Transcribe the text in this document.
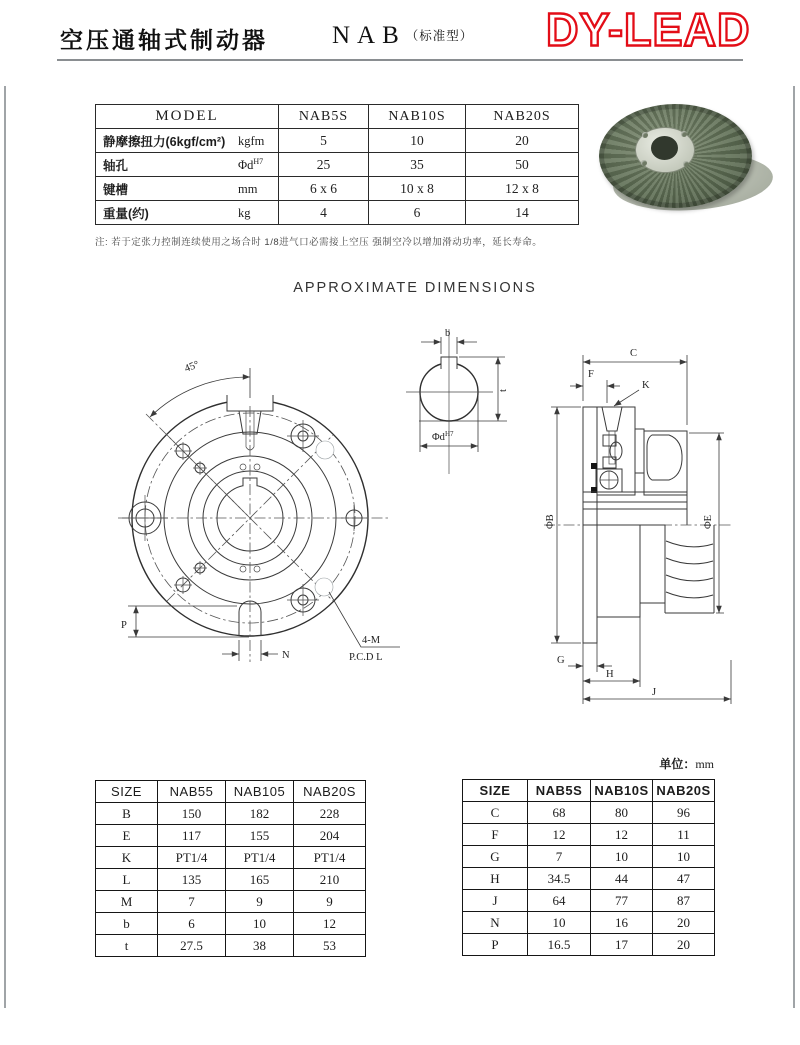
空压通轴式制动器	NAB（标准型） DY-LEAD
MODEL	NAB5S	NAB10S	NAB20S

静摩擦扭力(6kgf/cm²) kgfm	5	10	20

轴孔 $\Phi d^{H7}$	25	35	50

键槽 mm	6 x 6	10 x 8	12 x 8

重量(约) kg	4	6	14
注: 若于定张力控制连续使用之场合时 1/8进气口必需接上空压 强制空冷以增加滑动功率，延长寿命。
APPROXIMATE DIMENSIONS
45°
P
N
4-M
P.C.D L
b
t
$\Phi d^{H7}$
C
F
K
ΦB	ΦE
G
H
J
单位：mm
SIZE	NAB55	NAB105	NAB20S
B	150	182	228
E	117	155	204
K	PT1/4	PT1/4	PT1/4
L	135	165	210
M	7	9	9
b	6	10	12
t	27.5	38	53
SIZE	NAB5S	NAB10S	NAB20S
C	68	80	96
F	12	12	11
G	7	10	10
H	34.5	44	47
J	64	77	87
N	10	16	20
P	16.5	17	20
